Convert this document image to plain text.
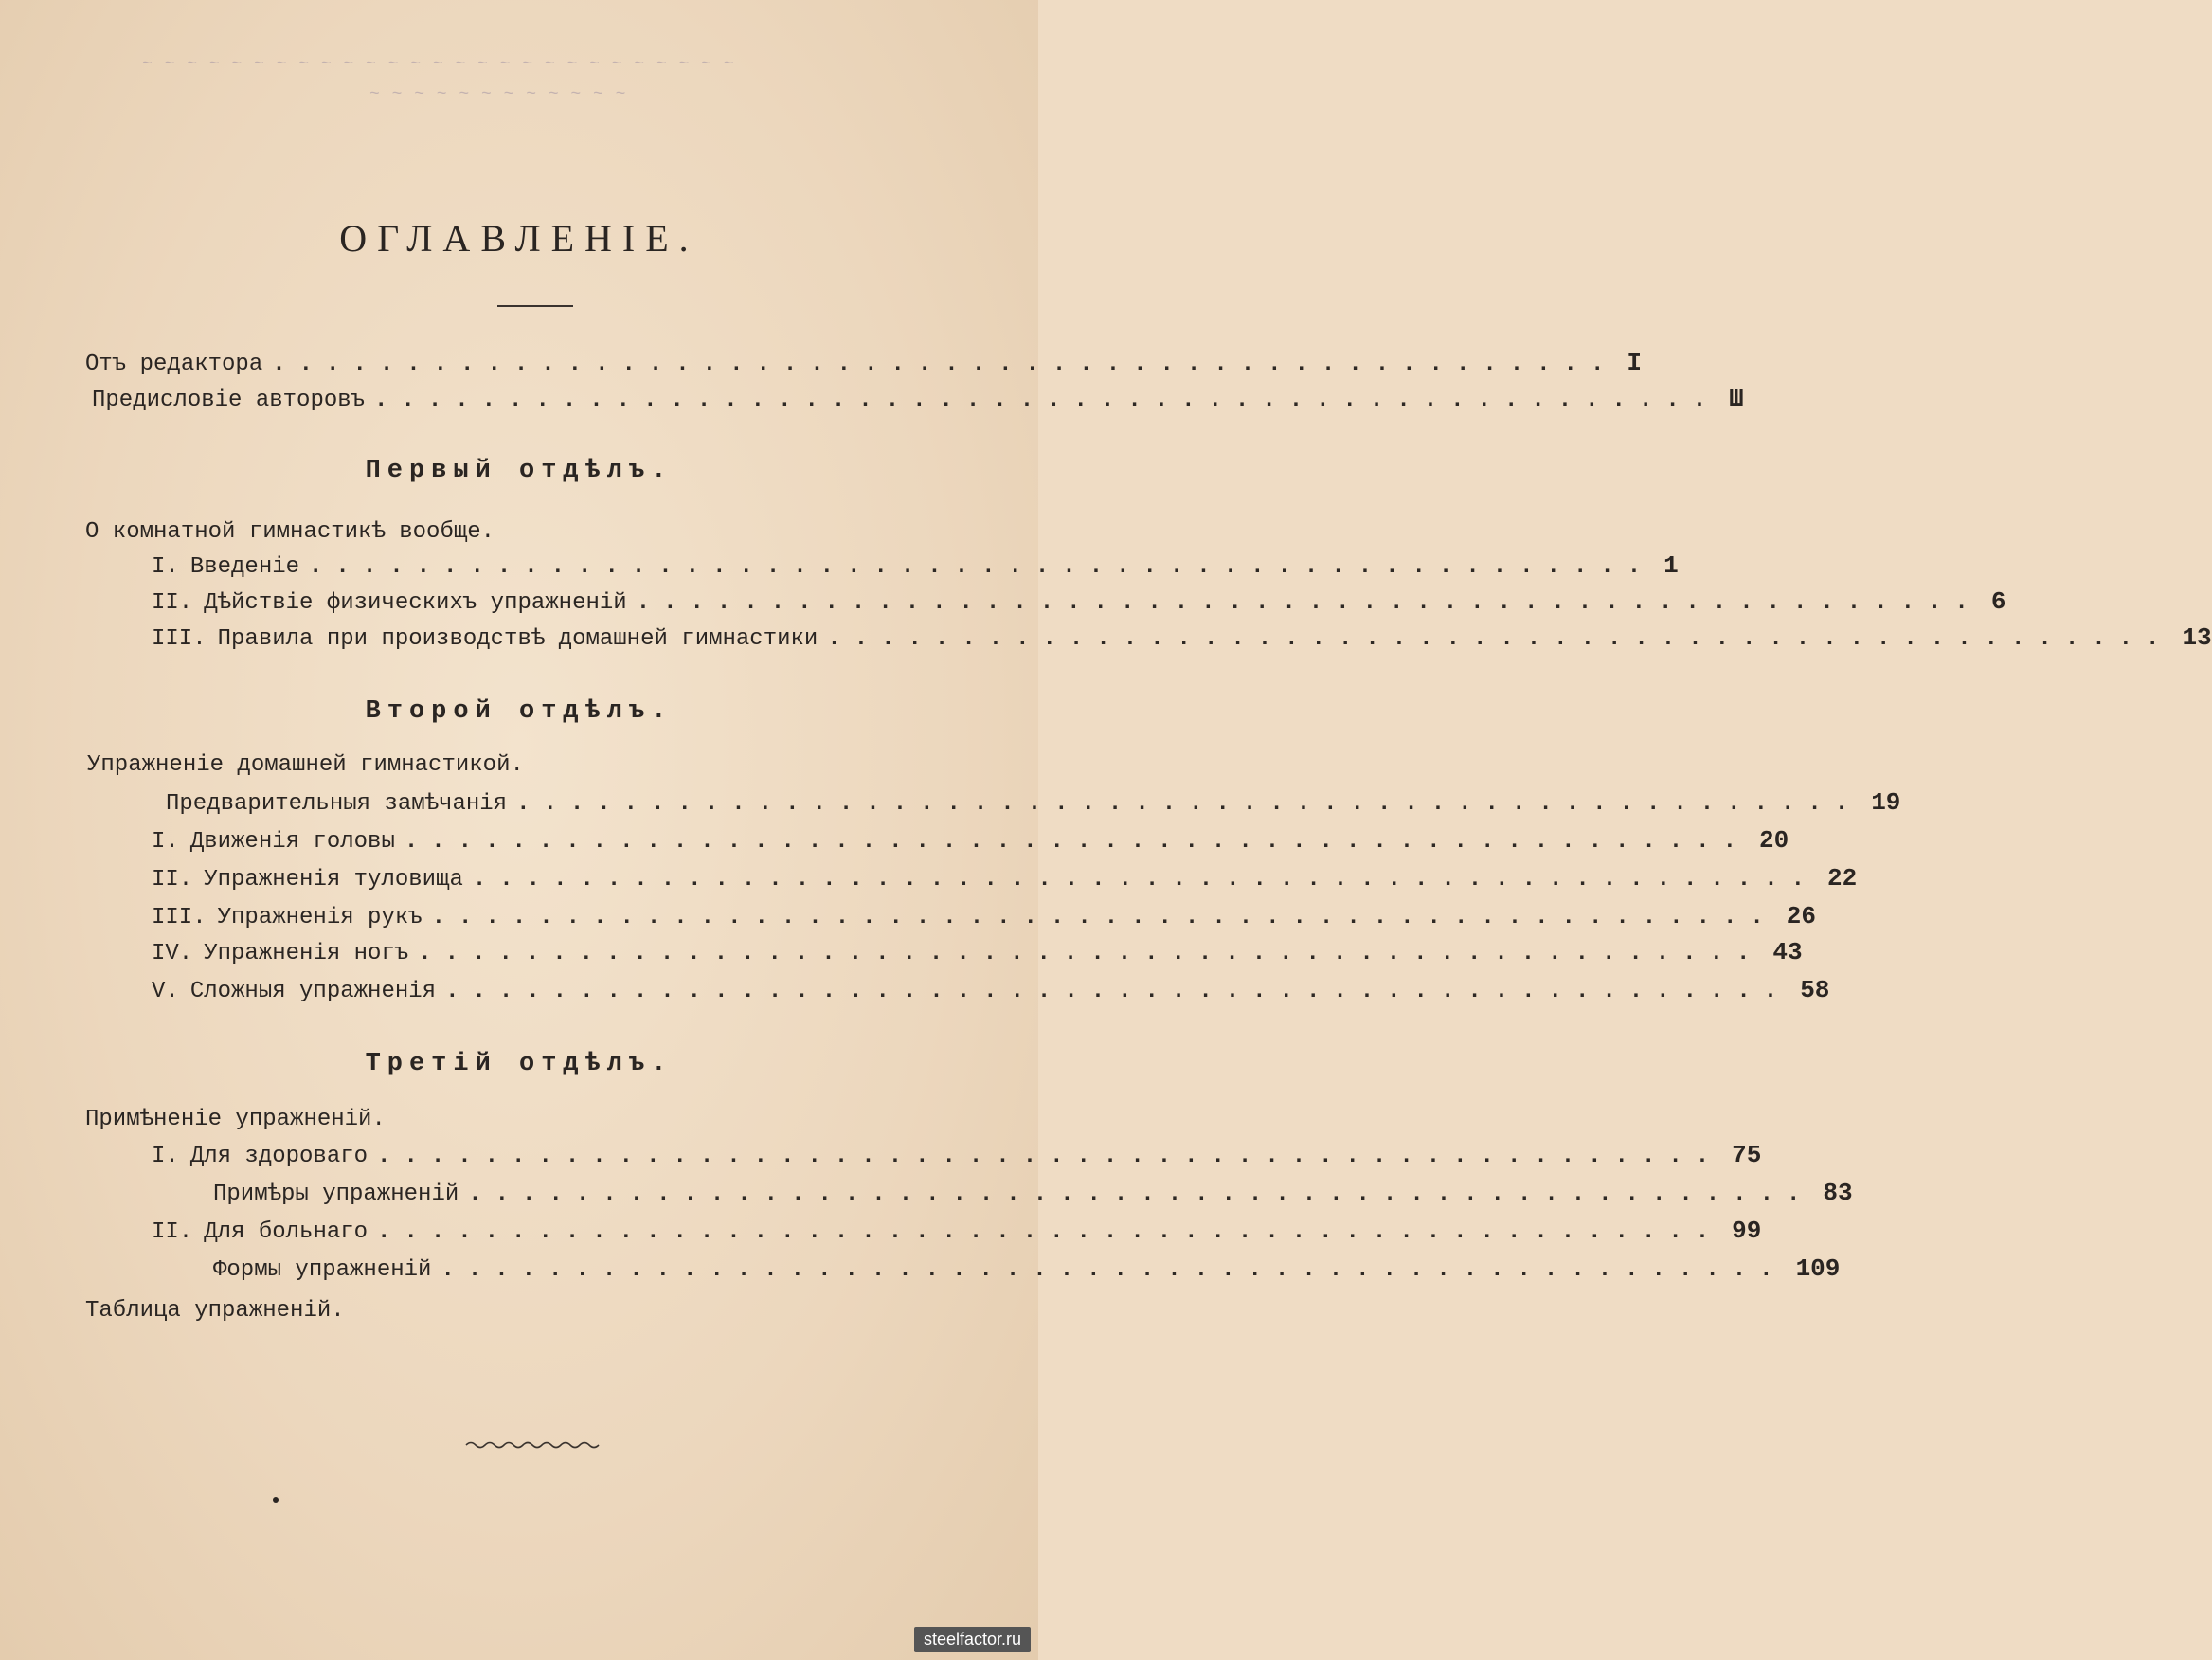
~ ~ ~ ~ ~ ~ ~ ~ ~ ~ ~ ~ ~ ~ ~ ~ ~ ~ ~ ~ ~ ~ ~ ~ ~ ~ ~
~ ~ ~ ~ ~ ~ ~ ~ ~ ~ ~ ~
ОГЛАВЛЕНІЕ.
Отъ редактора .................................................. I
Предисловіе авторовъ .................................................. Ш
Первый отдѣлъ.
О комнатной гимнастикѣ вообще.
I. Введеніе .................................................. 1
II. Дѣйствіе физическихъ упражненій .................................................. 6
III. Правила при производствѣ домашней гимнастики .................................................. 13
Второй отдѣлъ.
Упражненіе домашней гимнастикой.
Предварительныя замѣчанія .................................................. 19
I. Движенія головы .................................................. 20
II. Упражненія туловища .................................................. 22
III. Упражненія рукъ .................................................. 26
IV. Упражненія ногъ .................................................. 43
V. Сложныя упражненія .................................................. 58
Третій отдѣлъ.
Примѣненіе упражненій.
I. Для здороваго .................................................. 75
Примѣры упражненій .................................................. 83
II. Для больнаго .................................................. 99
Формы упражненій .................................................. 109
Таблица упражненій.
steelfactor.ru
